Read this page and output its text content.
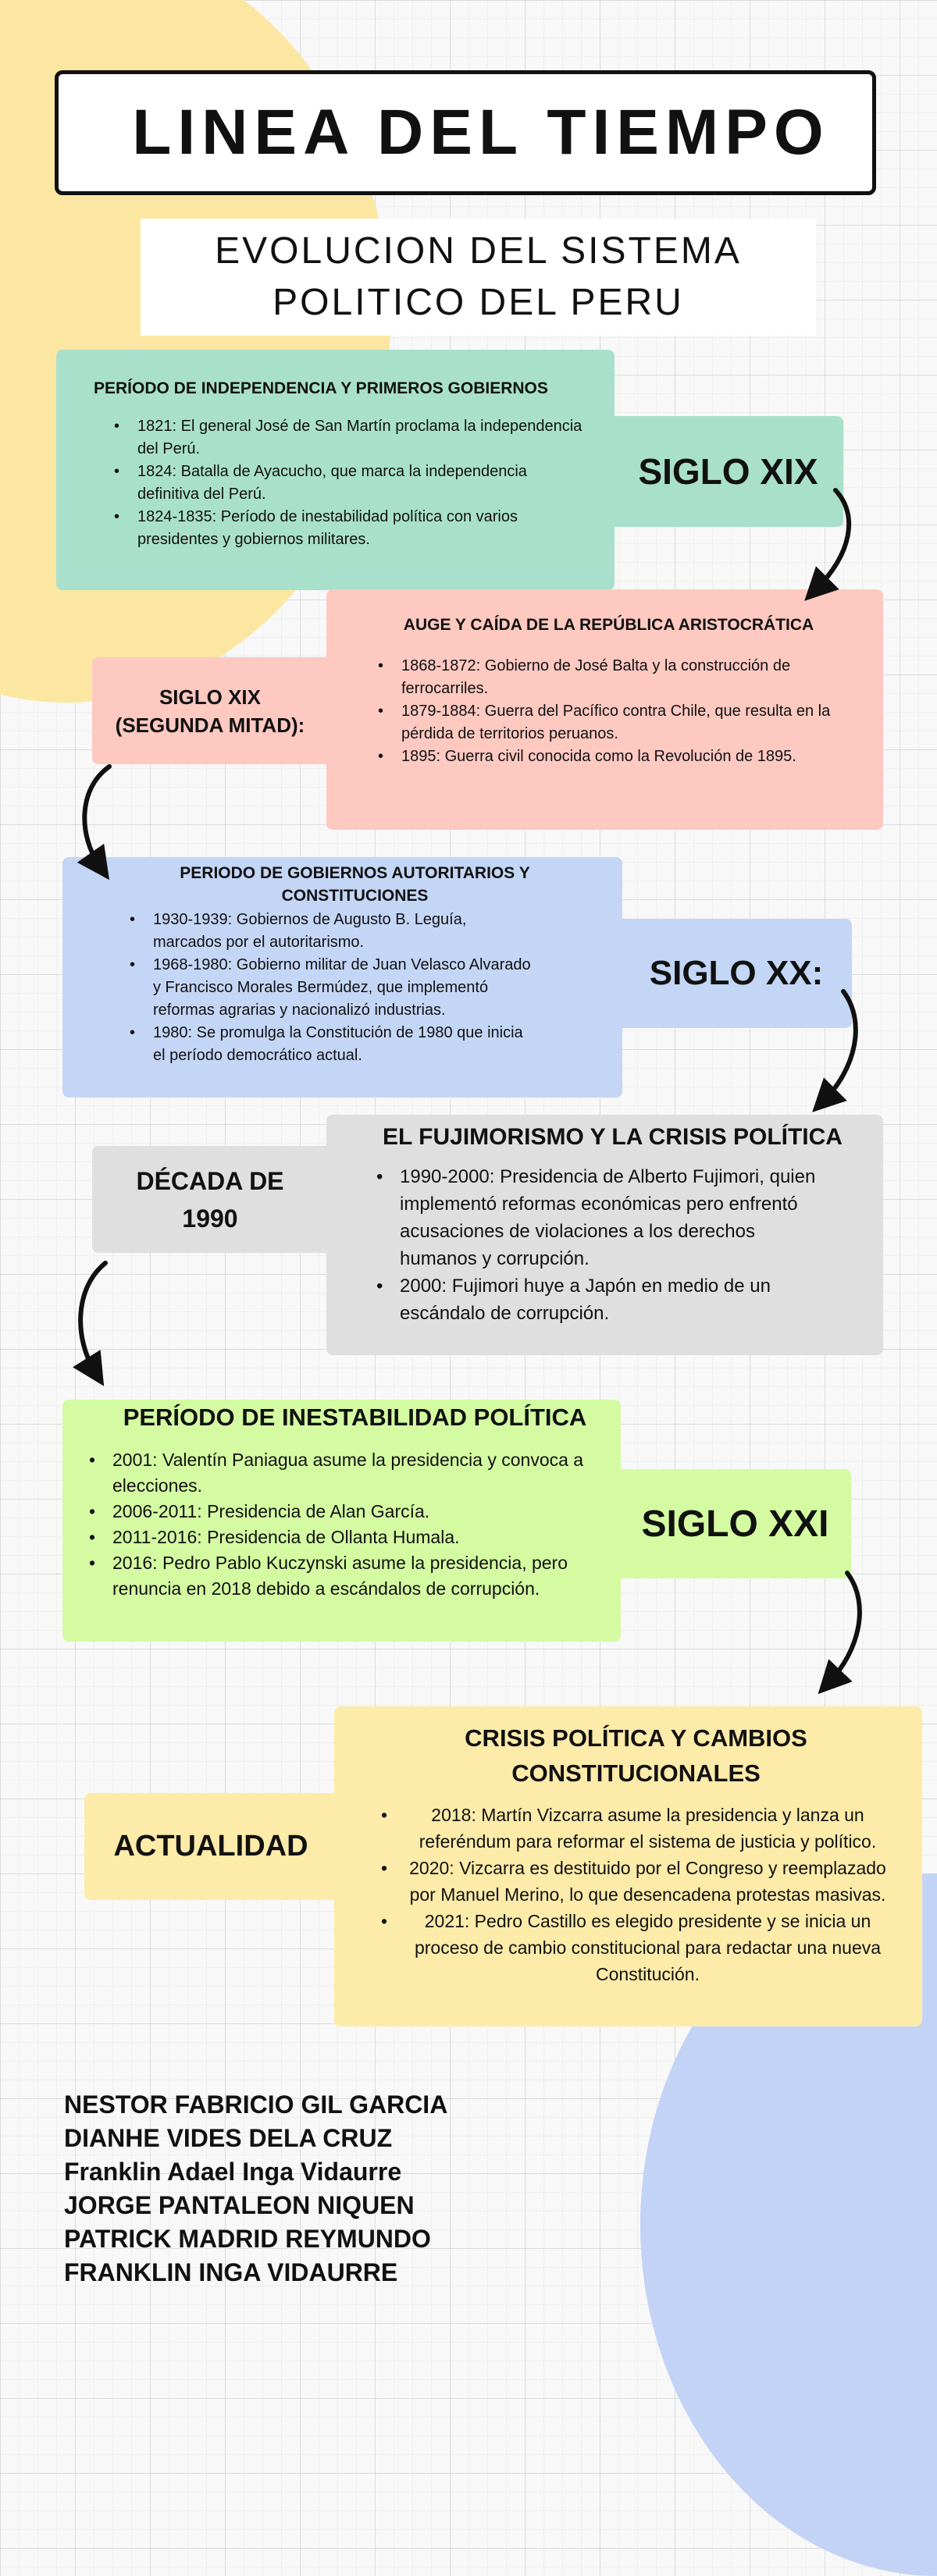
LINEA DEL TIEMPO
EVOLUCION DEL SISTEMA
POLITICO DEL PERU
PERÍODO DE INDEPENDENCIA Y PRIMEROS GOBIERNOS
• 1821: El general José de San Martín proclama la independencia del Perú.
• 1824: Batalla de Ayacucho, que marca la independencia definitiva del Perú.
• 1824-1835: Período de inestabilidad política con varios presidentes y gobiernos militares.
SIGLO XIX
AUGE Y CAÍDA DE LA REPÚBLICA ARISTOCRÁTICA
• 1868-1872: Gobierno de José Balta y la construcción de ferrocarriles.
• 1879-1884: Guerra del Pacífico contra Chile, que resulta en la pérdida de territorios peruanos.
• 1895: Guerra civil conocida como la Revolución de 1895.
SIGLO XIX
(SEGUNDA MITAD):
PERIODO DE GOBIERNOS AUTORITARIOS Y CONSTITUCIONES
• 1930-1939: Gobiernos de Augusto B. Leguía, marcados por el autoritarismo.
• 1968-1980: Gobierno militar de Juan Velasco Alvarado y Francisco Morales Bermúdez, que implementó reformas agrarias y nacionalizó industrias.
• 1980: Se promulga la Constitución de 1980 que inicia el período democrático actual.
SIGLO XX:
EL FUJIMORISMO Y LA CRISIS POLÍTICA
• 1990-2000: Presidencia de Alberto Fujimori, quien implementó reformas económicas pero enfrentó acusaciones de violaciones a los derechos humanos y corrupción.
• 2000: Fujimori huye a Japón en medio de un escándalo de corrupción.
DÉCADA DE
1990
PERÍODO DE INESTABILIDAD POLÍTICA
• 2001: Valentín Paniagua asume la presidencia y convoca a elecciones.
• 2006-2011: Presidencia de Alan García.
• 2011-2016: Presidencia de Ollanta Humala.
• 2016: Pedro Pablo Kuczynski asume la presidencia, pero renuncia en 2018 debido a escándalos de corrupción.
SIGLO XXI
CRISIS POLÍTICA Y CAMBIOS CONSTITUCIONALES
• 2018: Martín Vizcarra asume la presidencia y lanza un referéndum para reformar el sistema de justicia y político.
• 2020: Vizcarra es destituido por el Congreso y reemplazado por Manuel Merino, lo que desencadena protestas masivas.
• 2021: Pedro Castillo es elegido presidente y se inicia un proceso de cambio constitucional para redactar una nueva Constitución.
ACTUALIDAD
NESTOR FABRICIO GIL GARCIA
DIANHE VIDES DELA CRUZ
Franklin Adael Inga Vidaurre
JORGE PANTALEON NIQUEN
PATRICK MADRID REYMUNDO
FRANKLIN INGA VIDAURRE
